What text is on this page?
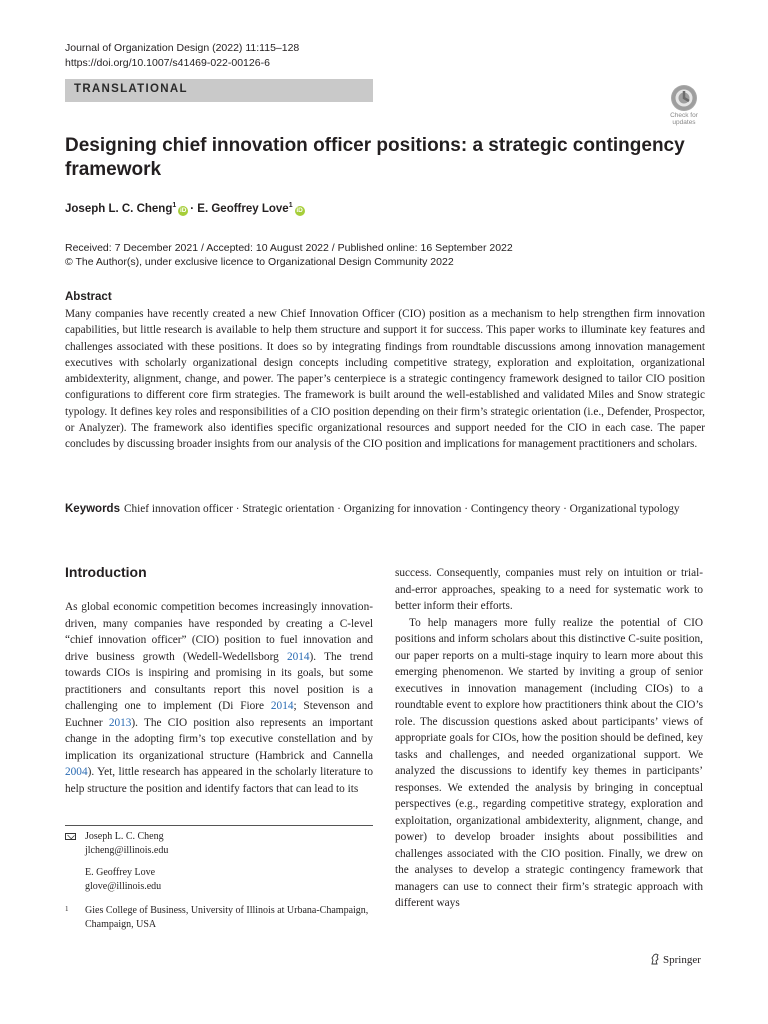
Journal of Organization Design (2022) 11:115–128
https://doi.org/10.1007/s41469-022-00126-6
TRANSLATIONAL
Check for
updates
Designing chief innovation officer positions: a strategic contingency framework
Joseph L. C. Cheng$^1$iD · E. Geoffrey Love$^1$iD
Received: 7 December 2021 / Accepted: 10 August 2022 / Published online: 16 September 2022
© The Author(s), under exclusive licence to Organizational Design Community 2022
Abstract
Many companies have recently created a new Chief Innovation Officer (CIO) position as a mechanism to help strengthen firm innovation capabilities, but little research is available to help them structure and support it for success. This paper works to illuminate key features and challenges associated with these positions. It does so by integrating findings from roundtable discussions among innovation management executives with scholarly organizational design concepts including competitive strategy, exploration and exploitation, organizational ambidexterity, alignment, change, and power. The paper’s centerpiece is a strategic contingency framework designed to tailor CIO position configurations to different core firm strategies. The framework is built around the well-established and validated Miles and Snow strategic typology. It defines key roles and responsibilities of a CIO position depending on their firm’s strategic orientation (i.e., Defender, Prospector, or Analyzer). The framework also identifies specific organizational resources and support needed for the CIO in each case. The paper concludes by discussing broader insights from our analysis of the CIO position and implications for management practitioners and scholars.
Keywords Chief innovation officer · Strategic orientation · Organizing for innovation · Contingency theory · Organizational typology
Introduction

As global economic competition becomes increasingly innovation-driven, many companies have responded by creating a C-level “chief innovation officer” (CIO) position to fuel innovation and drive business growth (Wedell-Wedellsborg 2014). The trend towards CIOs is inspiring and promising in its goals, but some practitioners and consultants report this novel position is a challenging one to implement (Di Fiore 2014; Stevenson and Euchner 2013). The CIO position also represents an important change in the adopting firm’s top executive constellation and by implication its organizational structure (Hambrick and Cannella 2004). Yet, little research has appeared in the scholarly literature to help structure the position and identify factors that can lead to its

success. Consequently, companies must rely on intuition or trial-and-error approaches, speaking to a need for systematic work to better inform their efforts.

To help managers more fully realize the potential of CIO positions and inform scholars about this distinctive C-suite position, our paper reports on a multi-stage inquiry to learn more about this emerging phenomenon. We started by inviting a group of senior executives in innovation management (including CIOs) to a roundtable event to explore how practitioners think about the CIO’s role. The discussion questions asked about participants’ views of appropriate goals for CIOs, how the position should be defined, key tasks and challenges, and needed organizational support. We analyzed the discussions to identify key themes in participants’ responses. We extended the analysis by bringing in conceptual perspectives (e.g., regarding competitive strategy, exploration and exploitation, organizational ambidexterity, alignment, change, and power) to develop broader insights about possibilities and challenges associated with the CIO position. Finally, we drew on the analyses to develop a strategic contingency framework that managers can use to connect their firm’s strategic approach with different ways

Joseph L. C. Cheng
jlcheng@illinois.edu
E. Geoffrey Love
glove@illinois.edu
1	Gies College of Business, University of Illinois at Urbana-Champaign, Champaign, USA
Springer
